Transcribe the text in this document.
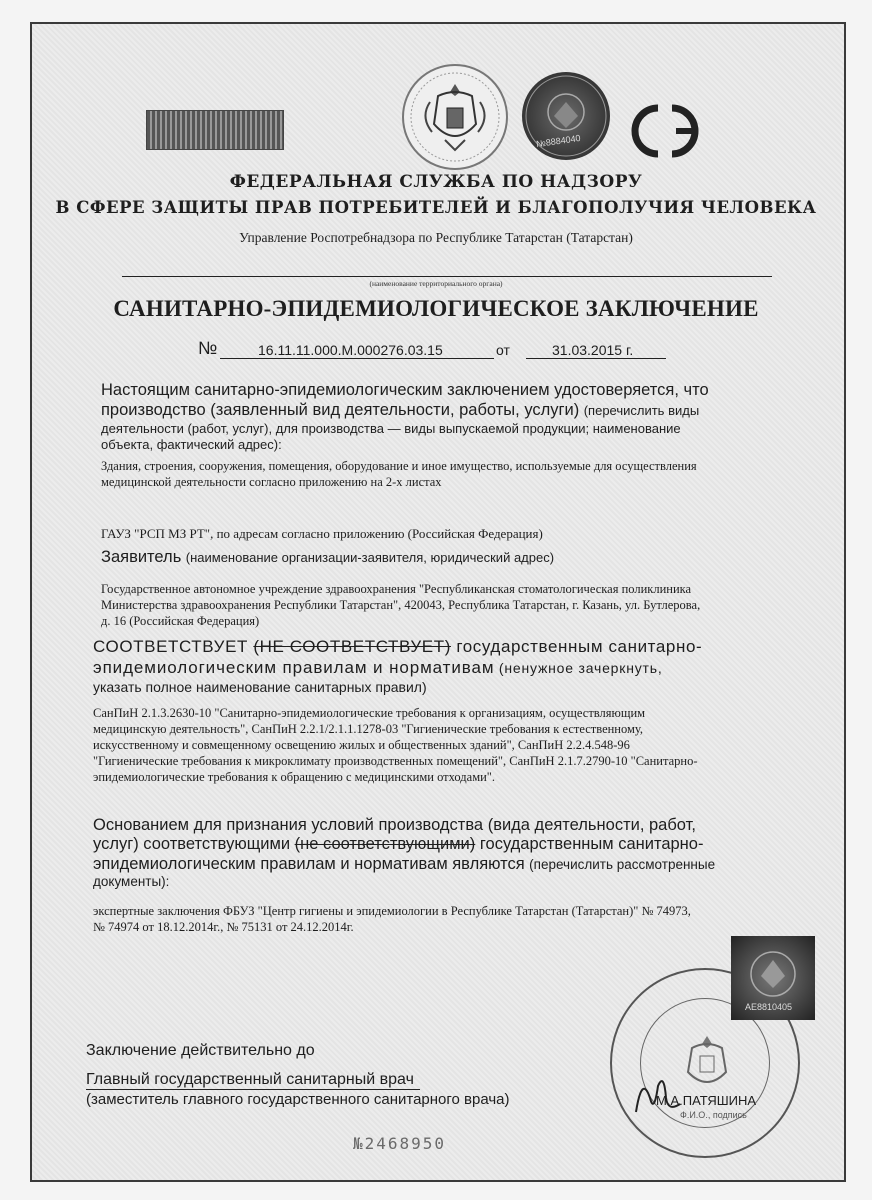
№8884040
ФЕДЕРАЛЬНАЯ СЛУЖБА ПО НАДЗОРУ
В СФЕРЕ ЗАЩИТЫ ПРАВ ПОТРЕБИТЕЛЕЙ И БЛАГОПОЛУЧИЯ ЧЕЛОВЕКА
Управление Роспотребнадзора по Республике Татарстан (Татарстан)
(наименование территориального органа)
САНИТАРНО-ЭПИДЕМИОЛОГИЧЕСКОЕ ЗАКЛЮЧЕНИЕ
№	16.11.11.000.М.000276.03.15	от	31.03.2015 г.
Настоящим санитарно-эпидемиологическим заключением удостоверяется, что
производство (заявленный вид деятельности, работы, услуги) (перечислить виды
деятельности (работ, услуг), для производства — виды выпускаемой продукции; наименование
объекта, фактический адрес):
Здания, строения, сооружения, помещения, оборудование и иное имущество, используемые для осуществления
медицинской деятельности согласно приложению на 2-х листах
ГАУЗ "РСП МЗ РТ", по адресам согласно приложению (Российская Федерация)
Заявитель (наименование организации-заявителя, юридический адрес)
Государственное автономное учреждение здравоохранения "Республиканская стоматологическая поликлиника
Министерства здравоохранения Республики Татарстан", 420043, Республика Татарстан, г. Казань, ул. Бутлерова,
д. 16 (Российская Федерация)
СООТВЕТСТВУЕТ (НЕ СООТВЕТСТВУЕТ) государственным санитарно-
эпидемиологическим правилам и нормативам (ненужное зачеркнуть,
указать полное наименование санитарных правил)
СанПиН 2.1.3.2630-10 "Санитарно-эпидемиологические требования к организациям, осуществляющим
медицинскую деятельность", СанПиН 2.2.1/2.1.1.1278-03 "Гигиенические требования к естественному,
искусственному и совмещенному освещению жилых и общественных зданий", СанПиН 2.2.4.548-96
"Гигиенические требования к микроклимату производственных помещений", СанПиН 2.1.7.2790-10 "Санитарно-
эпидемиологические требования к обращению с медицинскими отходами".
Основанием для признания условий производства (вида деятельности, работ,
услуг) соответствующими (не соответствующими) государственным санитарно-
эпидемиологическим правилам и нормативам являются (перечислить рассмотренные
документы):
экспертные заключения ФБУЗ "Центр гигиены и эпидемиологии в Республике Татарстан (Татарстан)" № 74973,
№ 74974 от 18.12.2014г., № 75131 от 24.12.2014г.
Заключение действительно до
Главный государственный санитарный врач
(заместитель главного государственного санитарного врача)
АЕ8810405
М.А.ПАТЯШИНА
Ф.И.О., подпись
№2468950
